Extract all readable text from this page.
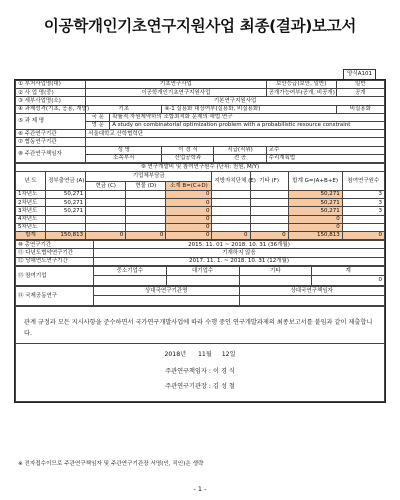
이공학개인기초연구지원사업 최종(결과)보고서
양식A101
① 부처사업명(대)	기초연구사업				보안등급(보안, 일반)	일반
② 사 업 명(중)	이공학개인기초연구지원사업				공개가능여부(공개, 비공개)	공개
③ 세부사업명(소)	기본연구지원사업					
④ 과제성격(기초, 응용, 개발)	기초		④-1 실용화 대상여부(실용화, 비실용화)			비실용화
⑤ 과 제 명	국 문	확률적 자원제약하의 조합최적화 문제의 해법 연구				
	영 문	A study on combinatorial optimization problem with a probabilistic resource constraint				
⑥ 주관연구기관	서울대학교 산학협력단					
⑦ 협동연구기관						
⑧ 주관연구책임자	성 명		이 경 식	직급(직위)	교수	
	소속부서		산업공학과	전 공	수리계획법	
⑨ 연구개발비 및 참여연구원수 (단위: 천원, M/Y)								
년 도	정부출연금 (A)	기업체부담금			지방자치단체 (E)	기타 (F)	합계 G=(A+B+E)	참여연구원수
		현금 (C)	현물 (D)	소계 B=(C+D)				
1차년도	50,271			0			50,271	3
2차년도	50,271			0			50,271	3
3차년도	50,271			0			50,271	3
4차년도				0			0	
5차년도				0			0	
합계	150,813	0	0	0	0	0	150,813	0
⑩ 총연구기간	2015. 11. 01 ~ 2018. 10. 31 (36개월)
⑪ 다년도협약연구기간	기재하지 않음
⑫ 당해연도연구기간	2017. 11. 1. ~ 2018. 10. 31 (12개월)
⑬ 참여기업	중소기업수	대기업수	기타	계
				0
⑭ 국제공동연구	상대국연구기관명	상대국연구책임자

관계 규정과 모든 지시사항을 준수하면서 국가연구개발사업에 따라 수행 중인 연구개발과제의 최종보고서를 붙임과 같이 제출합니다.

2018년 11월 12일
주관연구책임자 : 이 경 식
주관연구기관장 : 김 성 철
※ 전자접수이므로 주관연구책임자 및 주관연구기관장 서명(인, 직인)은 생략
- 1 -
